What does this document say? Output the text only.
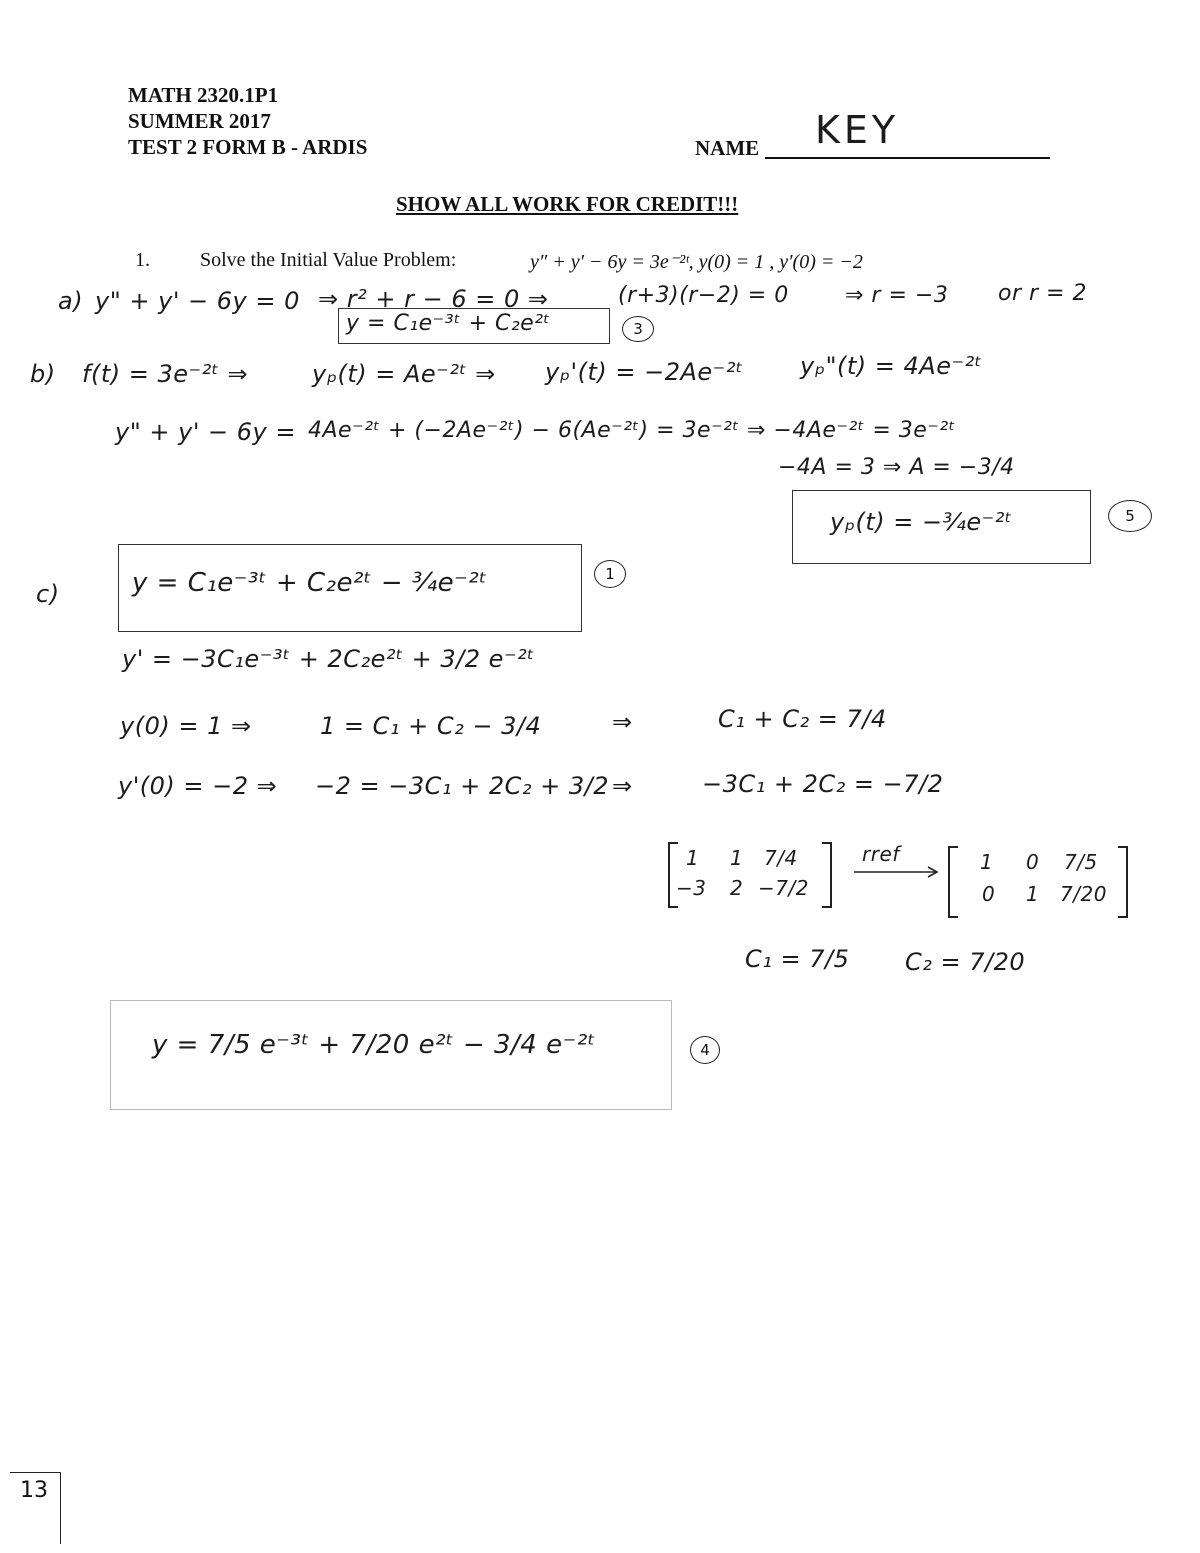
MATH 2320.1P1
SUMMER 2017
TEST 2 FORM B - ARDIS	NAME KEY
SHOW ALL WORK FOR CREDIT!!!
1.	Solve the Initial Value Problem:	y″ + y′ − 6y = 3e⁻²ᵗ, y(0) = 1 , y′(0) = −2
a) y" + y' − 6y = 0 ⇒ r² + r − 6 = 0 ⇒	(r+3)(r−2) = 0	⇒ r = −3 or r = 2
y = C₁e⁻³ᵗ + C₂e²ᵗ	3
b) f(t) = 3e⁻²ᵗ ⇒	yₚ(t) = Ae⁻²ᵗ ⇒ yₚ'(t) = −2Ae⁻²ᵗ yₚ"(t) = 4Ae⁻²ᵗ
y" + y' − 6y = 4Ae⁻²ᵗ + (−2Ae⁻²ᵗ) − 6(Ae⁻²ᵗ) = 3e⁻²ᵗ ⇒ −4Ae⁻²ᵗ = 3e⁻²ᵗ
−4A = 3 ⇒ A = −3/4
yₚ(t) = −¾e⁻²ᵗ	5
c)	y = C₁e⁻³ᵗ + C₂e²ᵗ − ¾e⁻²ᵗ	1
y' = −3C₁e⁻³ᵗ + 2C₂e²ᵗ + 3/2 e⁻²ᵗ
y(0) = 1 ⇒	1 = C₁ + C₂ − 3/4	⇒	C₁ + C₂ = 7/4
y'(0) = −2 ⇒ −2 = −3C₁ + 2C₂ + 3/2 ⇒	−3C₁ + 2C₂ = −7/2
1 1 7/4
−3 2 −7/2
rref	1 0 7/5
0 1 7/20
C₁ = 7/5 C₂ = 7/20
y = 7/5 e⁻³ᵗ + 7/20 e²ᵗ − 3/4 e⁻²ᵗ	4
13
